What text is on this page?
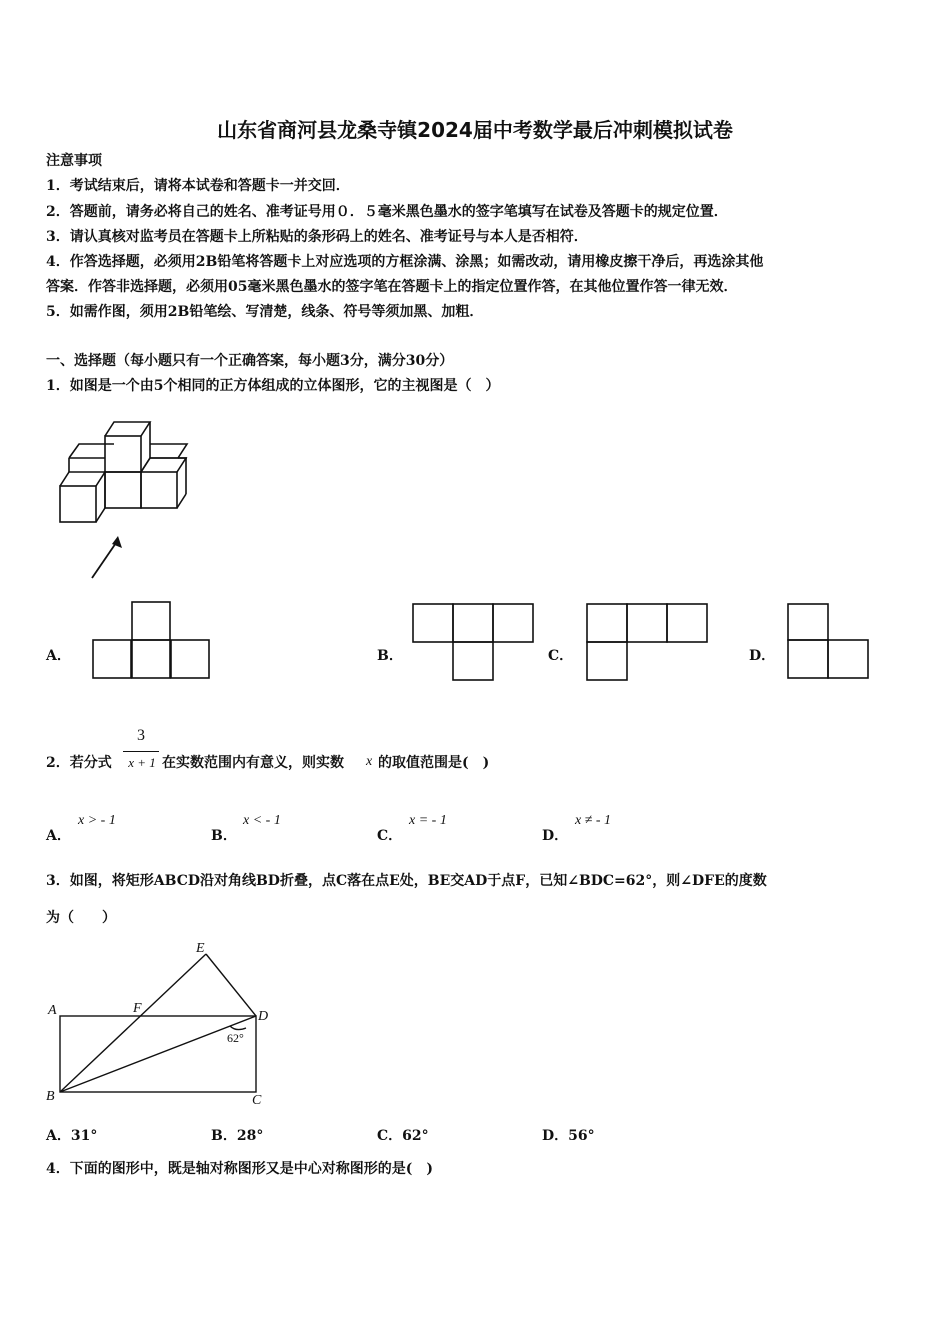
山东省商河县龙桑寺镇2024届中考数学最后冲刺模拟试卷
注意事项
1．考试结束后，请将本试卷和答题卡一并交回．
2．答题前，请务必将自己的姓名、准考证号用０．５毫米黑色墨水的签字笔填写在试卷及答题卡的规定位置．
3．请认真核对监考员在答题卡上所粘贴的条形码上的姓名、准考证号与本人是否相符．
4．作答选择题，必须用2B铅笔将答题卡上对应选项的方框涂满、涂黑；如需改动，请用橡皮擦干净后，再选涂其他
答案．作答非选择题，必须用05毫米黑色墨水的签字笔在答题卡上的指定位置作答，在其他位置作答一律无效．
5．如需作图，须用2B铅笔绘、写清楚，线条、符号等须加黑、加粗．
一、选择题（每小题只有一个正确答案，每小题3分，满分30分）
1．如图是一个由5个相同的正方体组成的立体图形，它的主视图是（　）
A．	B．	C．	D．
2．若分式
3
x + 1 在实数范围内有意义，则实数 x 的取值范围是(　)
A．
x > - 1
B．
x < - 1
C．
x = - 1
D．
x ≠ - 1
3．如图，将矩形ABCD沿对角线BD折叠，点C落在点E处，BE交AD于点F，已知∠BDC=62°，则∠DFE的度数
为（　　）
E
A	F
D
B	C
62°
A．31°	B．28°	C．62°	D．56°
4．下面的图形中，既是轴对称图形又是中心对称图形的是(　)
